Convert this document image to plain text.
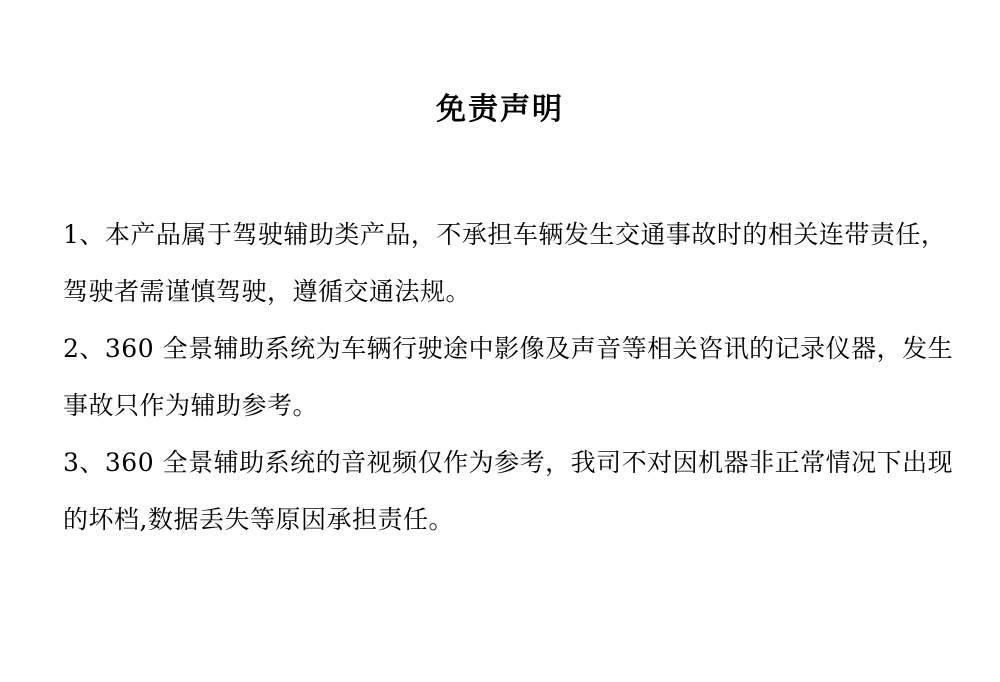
免责声明

1、本产品属于驾驶辅助类产品，不承担车辆发生交通事故时的相关连带责任，驾驶者需谨慎驾驶，遵循交通法规。

2、360 全景辅助系统为车辆行驶途中影像及声音等相关咨讯的记录仪器，发生事故只作为辅助参考。

3、360 全景辅助系统的音视频仅作为参考，我司不对因机器非正常情况下出现的坏档,数据丢失等原因承担责任。
